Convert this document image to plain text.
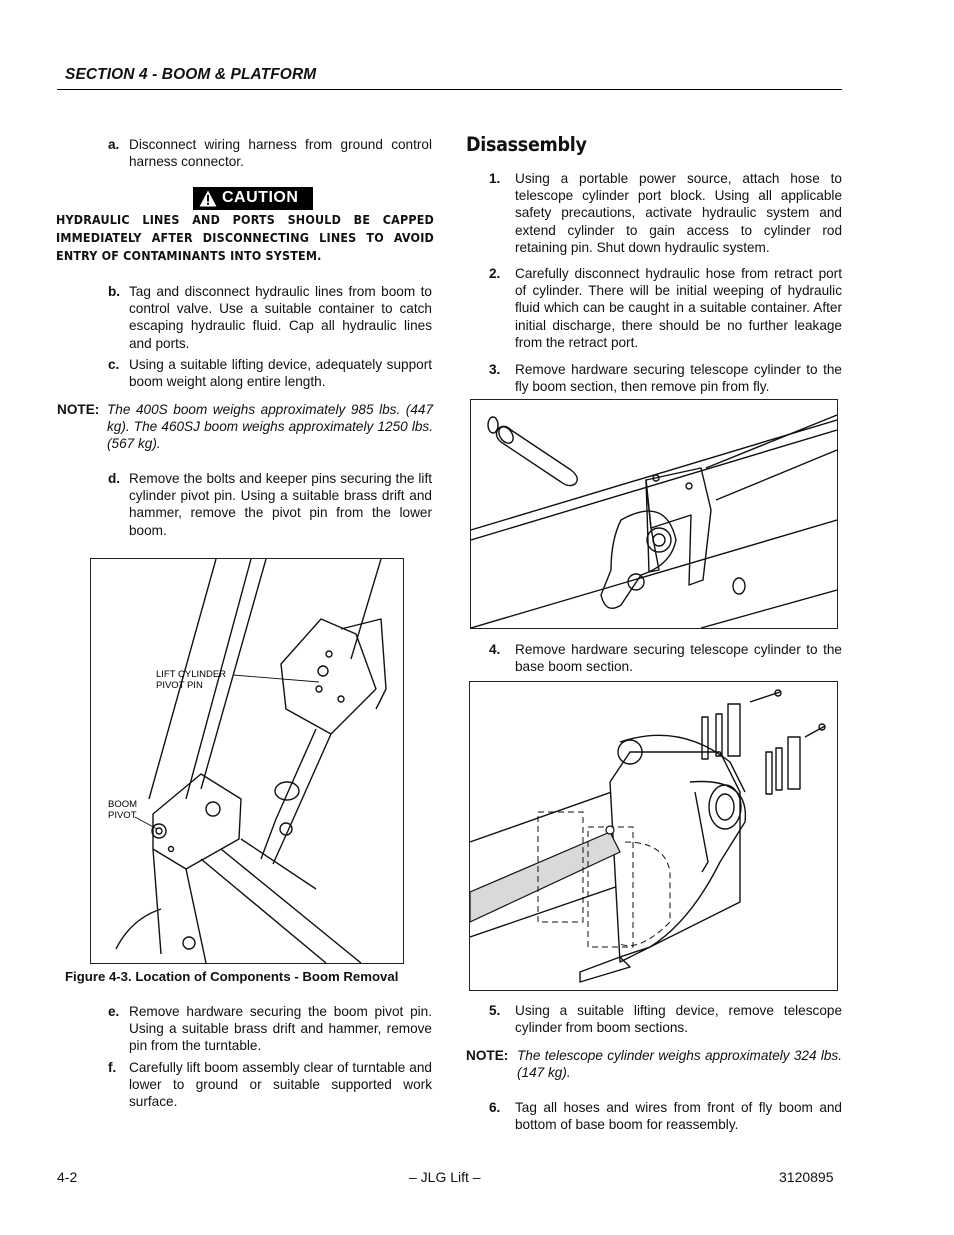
SECTION 4 - BOOM & PLATFORM
a. Disconnect wiring harness from ground control harness connector.
CAUTION
HYDRAULIC LINES AND PORTS SHOULD BE CAPPED IMMEDIATELY AFTER DISCONNECTING LINES TO AVOID ENTRY OF CONTAMINANTS INTO SYSTEM.
b. Tag and disconnect hydraulic lines from boom to control valve. Use a suitable container to catch escaping hydraulic fluid. Cap all hydraulic lines and ports.
c. Using a suitable lifting device, adequately support boom weight along entire length.
NOTE: The 400S boom weighs approximately 985 lbs. (447 kg). The 460SJ boom weighs approximately 1250 lbs. (567 kg).
d. Remove the bolts and keeper pins securing the lift cylinder pivot pin. Using a suitable brass drift and hammer, remove the pivot pin from the lower boom.
LIFT CYLINDER
PIVOT PIN
BOOM
PIVOT
Figure 4-3. Location of Components - Boom Removal
e. Remove hardware securing the boom pivot pin. Using a suitable brass drift and hammer, remove pin from the turntable.
f. Carefully lift boom assembly clear of turntable and lower to ground or suitable supported work surface.
Disassembly
1. Using a portable power source, attach hose to telescope cylinder port block. Using all applicable safety precautions, activate hydraulic system and extend cylinder to gain access to cylinder rod retaining pin. Shut down hydraulic system.
2. Carefully disconnect hydraulic hose from retract port of cylinder. There will be initial weeping of hydraulic fluid which can be caught in a suitable container. After initial discharge, there should be no further leakage from the retract port.
3. Remove hardware securing telescope cylinder to the fly boom section, then remove pin from fly.
4. Remove hardware securing telescope cylinder to the base boom section.
5. Using a suitable lifting device, remove telescope cylinder from boom sections.
NOTE: The telescope cylinder weighs approximately 324 lbs. (147 kg).
6. Tag all hoses and wires from front of fly boom and bottom of base boom for reassembly.
4-2	– JLG Lift –	3120895
